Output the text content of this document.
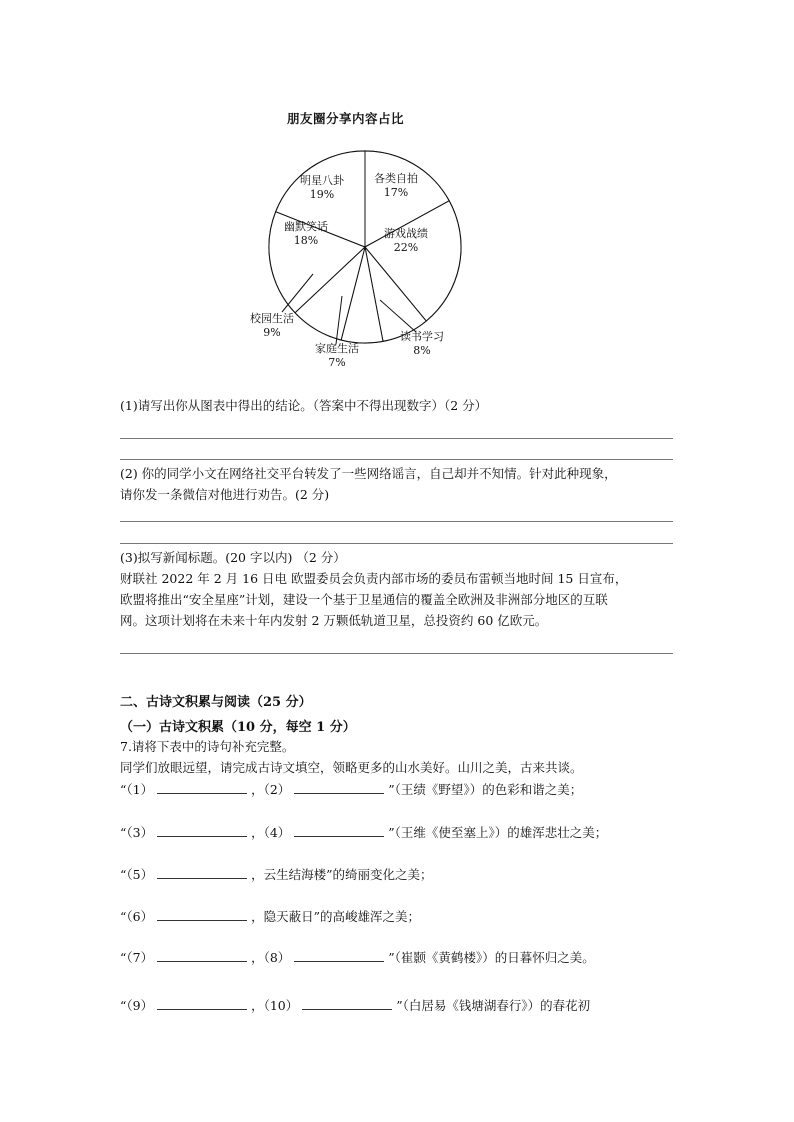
朋友圈分享内容占比
各类自拍
17%
游戏战绩
22%
读书学习
8%
家庭生活
7%
校园生活
9%
幽默笑话
18%
明星八卦
19%
(1)请写出你从图表中得出的结论。（答案中不得出现数字）（2 分）
(2) 你的同学小文在网络社交平台转发了一些网络谣言，自己却并不知情。针对此种现象，
请你发一条微信对他进行劝告。(2 分)
(3)拟写新闻标题。(20 字以内) （2 分）
财联社 2022 年 2 月 16 日电 欧盟委员会负责内部市场的委员布雷顿当地时间 15 日宣布，
欧盟将推出“安全星座”计划，建设一个基于卫星通信的覆盖全欧洲及非洲部分地区的互联
网。这项计划将在未来十年内发射 2 万颗低轨道卫星，总投资约 60 亿欧元。
二、古诗文积累与阅读（25 分）
（一）古诗文积累（10 分，每空 1 分）
7.请将下表中的诗句补充完整。
同学们放眼远望，请完成古诗文填空，领略更多的山水美好。山川之美，古来共谈。
“（1）	，（2）	”（王绩《野望》）的色彩和谐之美；
“（3）	，（4）	”（王维《使至塞上》）的雄浑悲壮之美；
“（5）	，云生结海楼”的绮丽变化之美；
“（6）	，隐天蔽日”的高峻雄浑之美；
“（7）	，（8）	”（崔颢《黄鹤楼》）的日暮怀归之美。
“（9）	，（10）	”（白居易《钱塘湖春行》）的春花初
